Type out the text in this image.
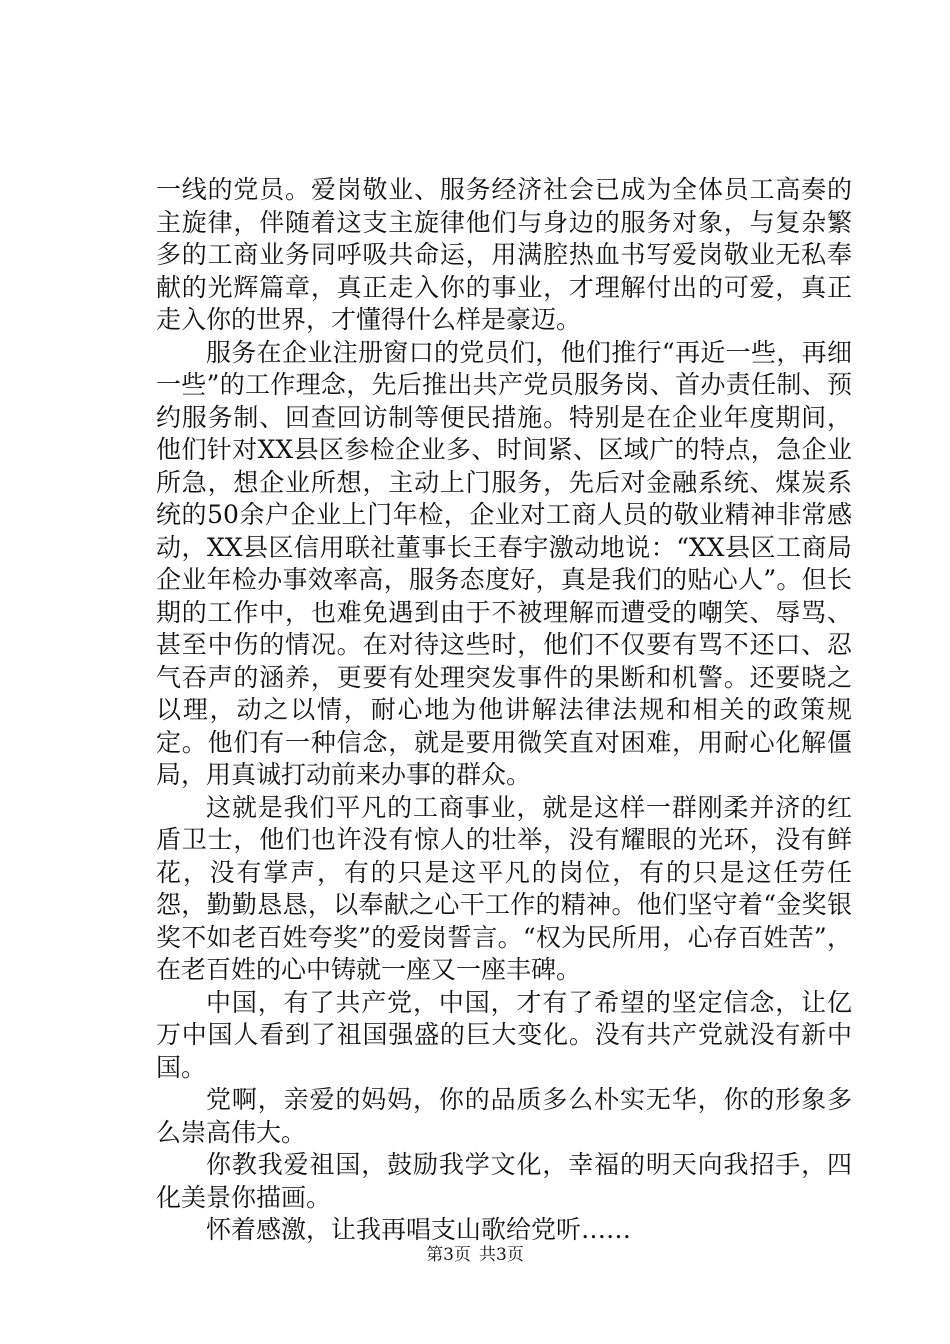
一线的党员。爱岗敬业、服务经济社会已成为全体员工高奏的主旋律，伴随着这支主旋律他们与身边的服务对象，与复杂繁多的工商业务同呼吸共命运，用满腔热血书写爱岗敬业无私奉献的光辉篇章，真正走入你的事业，才理解付出的可爱，真正走入你的世界，才懂得什么样是豪迈。

服务在企业注册窗口的党员们，他们推行“再近一些，再细一些”的工作理念，先后推出共产党员服务岗、首办责任制、预约服务制、回查回访制等便民措施。特别是在企业年度期间，他们针对XX县区参检企业多、时间紧、区域广的特点，急企业所急，想企业所想，主动上门服务，先后对金融系统、煤炭系统的50余户企业上门年检，企业对工商人员的敬业精神非常感动，XX县区信用联社董事长王春宇激动地说：“XX县区工商局企业年检办事效率高，服务态度好，真是我们的贴心人”。但长期的工作中，也难免遇到由于不被理解而遭受的嘲笑、辱骂、甚至中伤的情况。在对待这些时，他们不仅要有骂不还口、忍气吞声的涵养，更要有处理突发事件的果断和机警。还要晓之以理，动之以情，耐心地为他讲解法律法规和相关的政策规定。他们有一种信念，就是要用微笑直对困难，用耐心化解僵局，用真诚打动前来办事的群众。

这就是我们平凡的工商事业，就是这样一群刚柔并济的红盾卫士，他们也许没有惊人的壮举，没有耀眼的光环，没有鲜花，没有掌声，有的只是这平凡的岗位，有的只是这任劳任怨，勤勤恳恳，以奉献之心干工作的精神。他们坚守着“金奖银奖不如老百姓夸奖”的爱岗誓言。“权为民所用，心存百姓苦”，在老百姓的心中铸就一座又一座丰碑。

中国，有了共产党，中国，才有了希望的坚定信念，让亿万中国人看到了祖国强盛的巨大变化。没有共产党就没有新中国。

党啊，亲爱的妈妈，你的品质多么朴实无华，你的形象多么崇高伟大。

你教我爱祖国，鼓励我学文化，幸福的明天向我招手，四化美景你描画。

怀着感激，让我再唱支山歌给党听……

第3页 共3页
